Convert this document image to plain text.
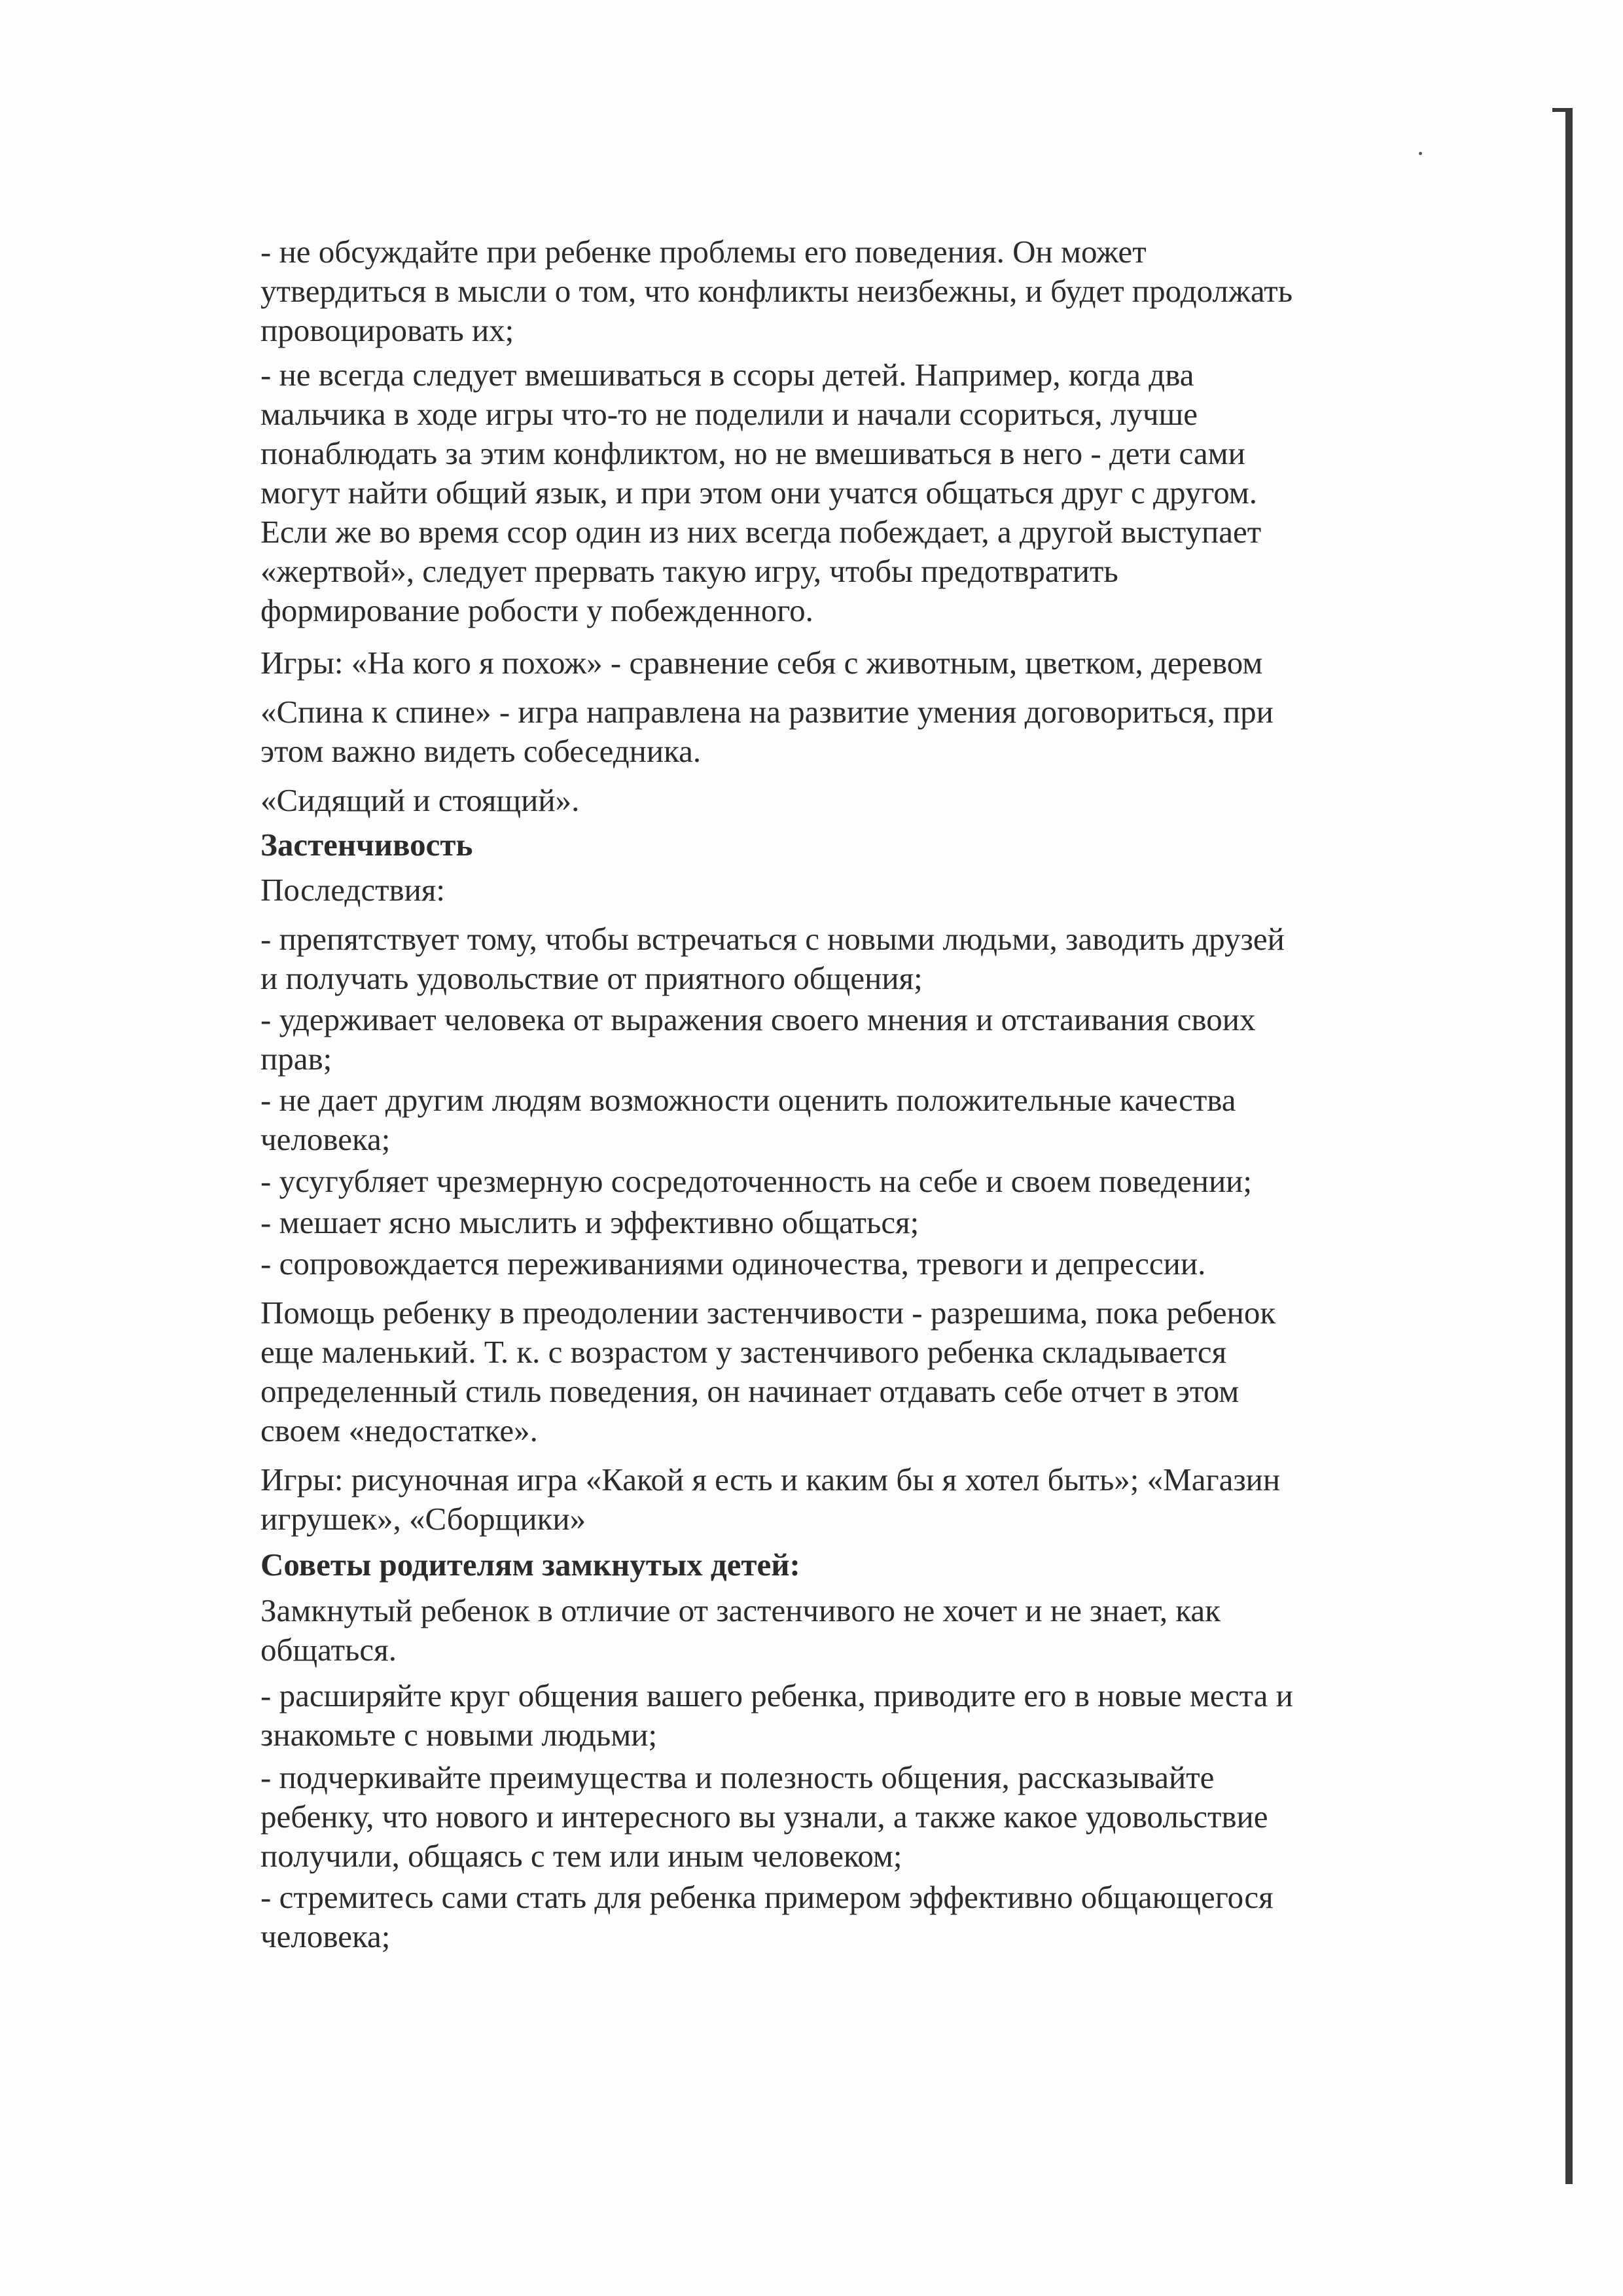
- не обсуждайте при ребенке проблемы его поведения. Он может
утвердиться в мысли о том, что конфликты неизбежны, и будет продолжать
провоцировать их;
- не всегда следует вмешиваться в ссоры детей. Например, когда два
мальчика в ходе игры что-то не поделили и начали ссориться, лучше
понаблюдать за этим конфликтом, но не вмешиваться в него - дети сами
могут найти общий язык, и при этом они учатся общаться друг с другом.
Если же во время ссор один из них всегда побеждает, а другой выступает
«жертвой», следует прервать такую игру, чтобы предотвратить
формирование робости у побежденного.
Игры: «На кого я похож» - сравнение себя с животным, цветком, деревом
«Спина к спине» - игра направлена на развитие умения договориться, при
этом важно видеть собеседника.
«Сидящий и стоящий».
Застенчивость
Последствия:
- препятствует тому, чтобы встречаться с новыми людьми, заводить друзей
и получать удовольствие от приятного общения;
- удерживает человека от выражения своего мнения и отстаивания своих
прав;
- не дает другим людям возможности оценить положительные качества
человека;
- усугубляет чрезмерную сосредоточенность на себе и своем поведении;
- мешает ясно мыслить и эффективно общаться;
- сопровождается переживаниями одиночества, тревоги и депрессии.
Помощь ребенку в преодолении застенчивости - разрешима, пока ребенок
еще маленький. Т. к. с возрастом у застенчивого ребенка складывается
определенный стиль поведения, он начинает отдавать себе отчет в этом
своем «недостатке».
Игры: рисуночная игра «Какой я есть и каким бы я хотел быть»; «Магазин
игрушек», «Сборщики»
Советы родителям замкнутых детей:
Замкнутый ребенок в отличие от застенчивого не хочет и не знает, как
общаться.
- расширяйте круг общения вашего ребенка, приводите его в новые места и
знакомьте с новыми людьми;
- подчеркивайте преимущества и полезность общения, рассказывайте
ребенку, что нового и интересного вы узнали, а также какое удовольствие
получили, общаясь с тем или иным человеком;
- стремитесь сами стать для ребенка примером эффективно общающегося
человека;
